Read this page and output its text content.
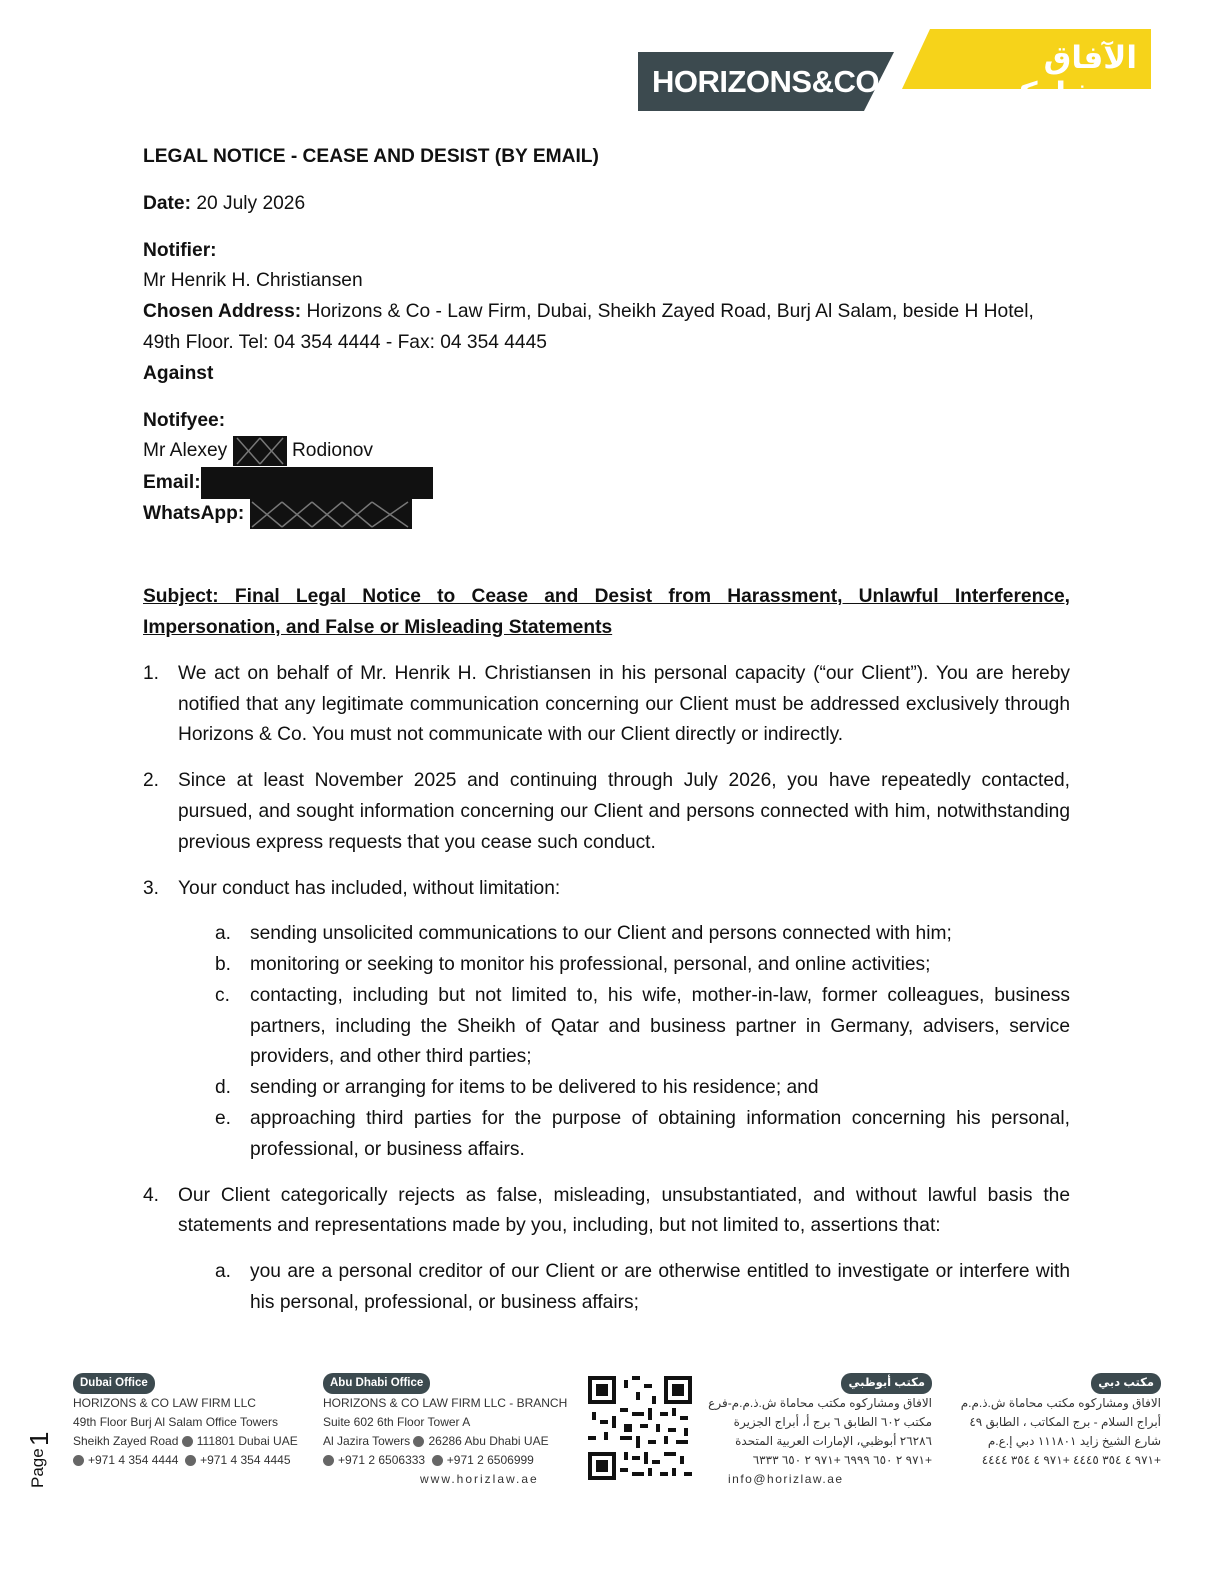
HORIZONS&CO
الآفاق ومشاركوه

LEGAL NOTICE - CEASE AND DESIST (BY EMAIL)

Date: 20 July 2026

Notifier:

Mr Henrik H. Christiansen

Chosen Address: Horizons & Co - Law Firm, Dubai, Sheikh Zayed Road, Burj Al Salam, beside H Hotel, 49th Floor. Tel: 04 354 4444 - Fax: 04 354 4445

Against

Notifyee:

Mr Alexey	Rodionov

Email:

WhatsApp:

Subject: Final Legal Notice to Cease and Desist from Harassment, Unlawful Interference, Impersonation, and False or Misleading Statements

1. We act on behalf of Mr. Henrik H. Christiansen in his personal capacity (“our Client”). You are hereby notified that any legitimate communication concerning our Client must be addressed exclusively through Horizons & Co. You must not communicate with our Client directly or indirectly.
2. Since at least November 2025 and continuing through July 2026, you have repeatedly contacted, pursued, and sought information concerning our Client and persons connected with him, notwithstanding previous express requests that you cease such conduct.
3. Your conduct has included, without limitation:
a. sending unsolicited communications to our Client and persons connected with him;
b. monitoring or seeking to monitor his professional, personal, and online activities;
c. contacting, including but not limited to, his wife, mother-in-law, former colleagues, business partners, including the Sheikh of Qatar and business partner in Germany, advisers, service providers, and other third parties;
d. sending or arranging for items to be delivered to his residence; and
e. approaching third parties for the purpose of obtaining information concerning his personal, professional, or business affairs.
4. Our Client categorically rejects as false, misleading, unsubstantiated, and without lawful basis the statements and representations made by you, including, but not limited to, assertions that:
a. you are a personal creditor of our Client or are otherwise entitled to investigate or interfere with his personal, professional, or business affairs;
Dubai Office
HORIZONS & CO LAW FIRM LLC
49th Floor Burj Al Salam Office Towers
Sheikh Zayed Road 111801 Dubai UAE
+971 4 354 4444 +971 4 354 4445
Abu Dhabi Office
HORIZONS & CO LAW FIRM LLC - BRANCH
Suite 602 6th Floor Tower A
Al Jazira Towers 26286 Abu Dhabi UAE
+971 2 6506333 +971 2 6506999
www.horizlaw.ae
مكتب أبوظبي
الافاق ومشاركوه مكتب محاماة ش.ذ.م.م-فرع
مكتب ٦٠٢ الطابق ٦ برج أ، أبراج الجزيرة
٢٦٢٨٦ أبوظبي، الإمارات العربية المتحدة
+٩٧١ ٢ ٦٥٠ ٦٩٩٩ +٩٧١ ٢ ٦٥٠ ٦٣٣٣
info@horizlaw.ae
مكتب دبي
الافاق ومشاركوه مكتب محاماة ش.ذ.م.م
أبراج السلام - برج المكاتب ، الطابق ٤٩
شارع الشيخ زايد ١١١٨٠١ دبي إ.ع.م
+٩٧١ ٤ ٣٥٤ ٤٤٤٥ +٩٧١ ٤ ٣٥٤ ٤٤٤٤
Page
1
